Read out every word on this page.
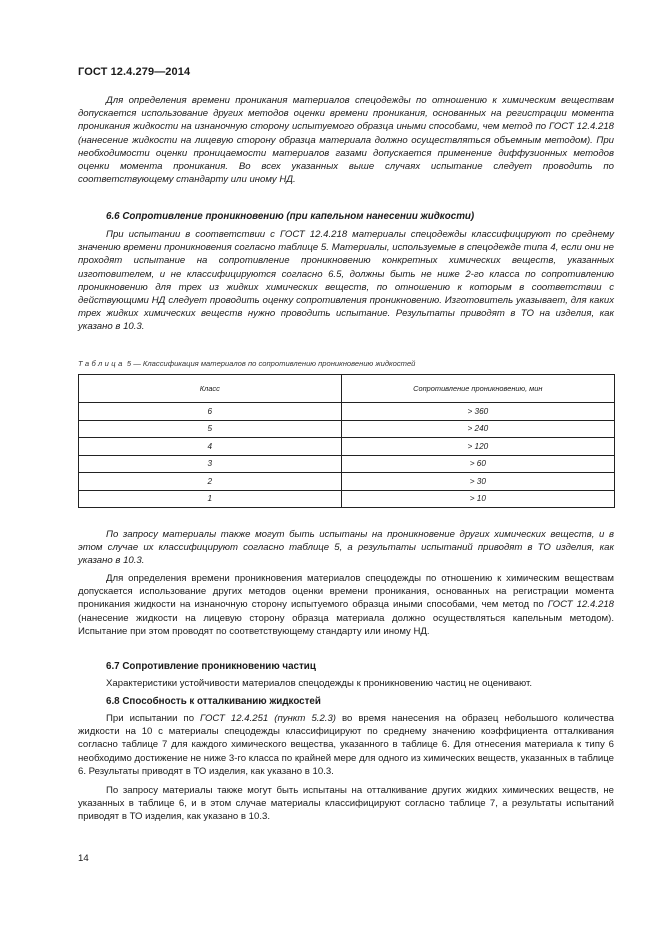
ГОСТ 12.4.279—2014

Для определения времени проникания материалов спецодежды по отношению к химическим веществам допускается использование других методов оценки времени проникания, основанных на регистрации момента проникания жидкости на изнаночную сторону испытуемого образца иными способами, чем метод по ГОСТ 12.4.218 (нанесение жидкости на лицевую сторону образца материала должно осуществляться объемным методом). При необходимости оценки проницаемости материалов газами допускается применение диффузионных методов оценки момента проникания. Во всех указанных выше случаях испытание следует проводить по соответствующему стандарту или иному НД.

6.6 Сопротивление проникновению (при капельном нанесении жидкости)

При испытании в соответствии с ГОСТ 12.4.218 материалы спецодежды классифицируют по среднему значению времени проникновения согласно таблице 5. Материалы, используемые в спецодежде типа 4, если они не проходят испытание на сопротивление проникновению конкретных химических веществ, указанных изготовителем, и не классифицируются согласно 6.5, должны быть не ниже 2-го класса по сопротивлению проникновению для трех из жидких химических веществ, по отношению к которым в соответствии с действующими НД следует проводить оценку сопротивления проникновению. Изготовитель указывает, для каких трех жидких химических веществ нужно проводить испытание. Результаты приводят в ТО на изделия, как указано в 10.3.

Таблица 5 — Классификация материалов по сопротивлению проникновению жидкостей
Класс	Сопротивление проникновению, мин
6	> 360
5	> 240
4	> 120
3	> 60
2	> 30
1	> 10

По запросу материалы также могут быть испытаны на проникновение других химических веществ, и в этом случае их классифицируют согласно таблице 5, а результаты испытаний приводят в ТО изделия, как указано в 10.3.

Для определения времени проникновения материалов спецодежды по отношению к химическим веществам допускается использование других методов оценки времени проникания, основанных на регистрации момента проникания жидкости на изнаночную сторону испытуемого образца иными способами, чем метод по ГОСТ 12.4.218 (нанесение жидкости на лицевую сторону образца материала должно осуществляться капельным методом). Испытание при этом проводят по соответствующему стандарту или иному НД.

6.7 Сопротивление проникновению частиц

Характеристики устойчивости материалов спецодежды к проникновению частиц не оценивают.

6.8 Способность к отталкиванию жидкостей

При испытании по ГОСТ 12.4.251 (пункт 5.2.3) во время нанесения на образец небольшого количества жидкости на 10 с материалы спецодежды классифицируют по среднему значению коэффициента отталкивания согласно таблице 7 для каждого химического вещества, указанного в таблице 6. Для отнесения материала к типу 6 необходимо достижение не ниже 3-го класса по крайней мере для одного из химических веществ, указанных в таблице 6. Результаты приводят в ТО изделия, как указано в 10.3.

По запросу материалы также могут быть испытаны на отталкивание других жидких химических веществ, не указанных в таблице 6, и в этом случае материалы классифицируют согласно таблице 7, а результаты испытаний приводят в ТО изделия, как указано в 10.3.

14
